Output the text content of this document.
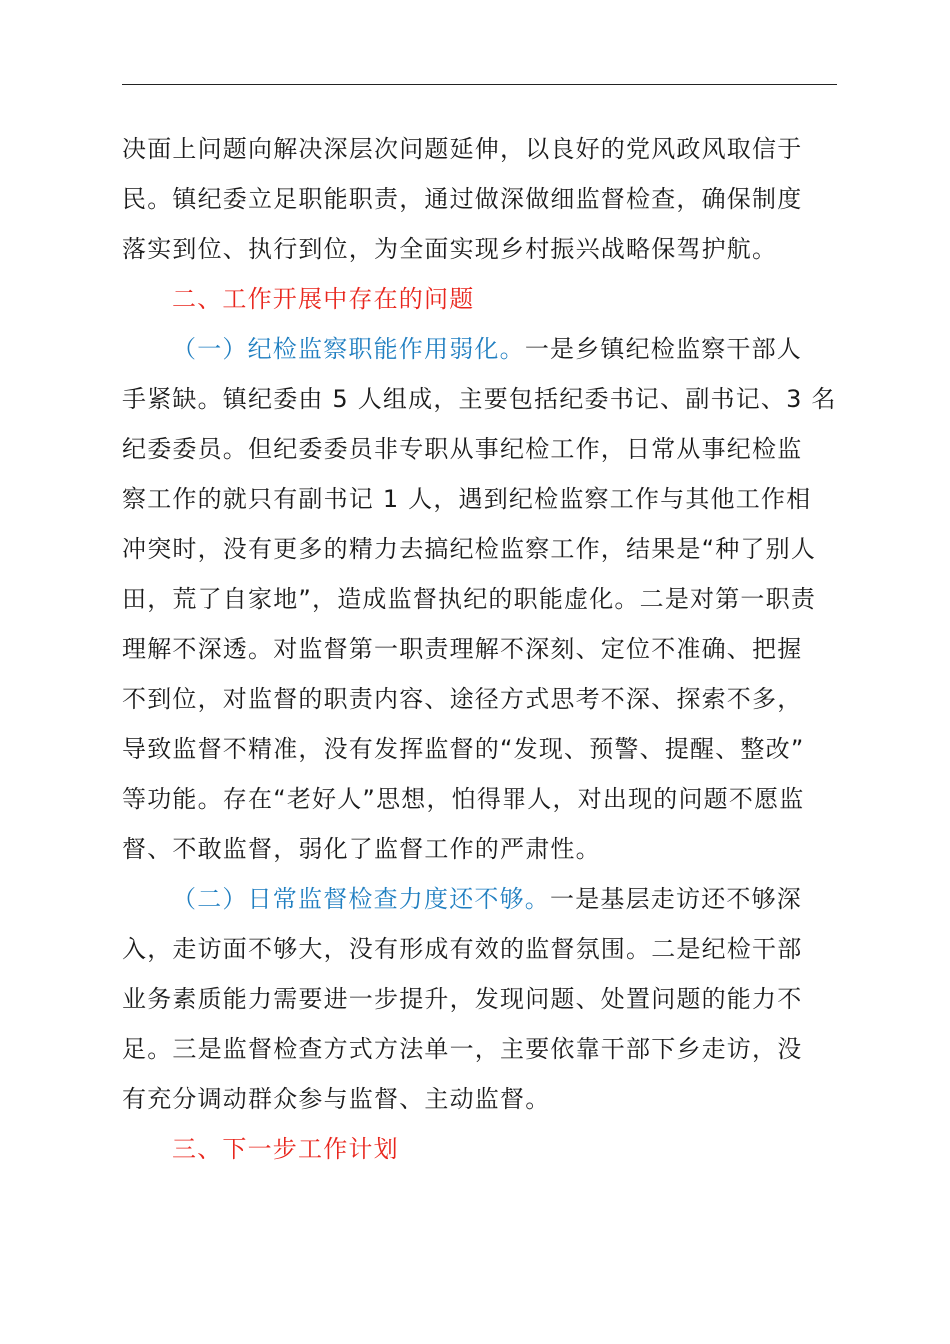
决面上问题向解决深层次问题延伸，以良好的党风政风取信于
民。镇纪委立足职能职责，通过做深做细监督检查，确保制度
落实到位、执行到位，为全面实现乡村振兴战略保驾护航。

二、工作开展中存在的问题

（一）纪检监察职能作用弱化。一是乡镇纪检监察干部人
手紧缺。镇纪委由 5 人组成，主要包括纪委书记、副书记、3 名
纪委委员。但纪委委员非专职从事纪检工作，日常从事纪检监
察工作的就只有副书记 1 人，遇到纪检监察工作与其他工作相
冲突时，没有更多的精力去搞纪检监察工作，结果是“种了别人
田，荒了自家地”，造成监督执纪的职能虚化。二是对第一职责
理解不深透。对监督第一职责理解不深刻、定位不准确、把握
不到位，对监督的职责内容、途径方式思考不深、探索不多，
导致监督不精准，没有发挥监督的“发现、预警、提醒、整改”
等功能。存在“老好人”思想，怕得罪人，对出现的问题不愿监
督、不敢监督，弱化了监督工作的严肃性。

（二）日常监督检查力度还不够。一是基层走访还不够深
入，走访面不够大，没有形成有效的监督氛围。二是纪检干部
业务素质能力需要进一步提升，发现问题、处置问题的能力不
足。三是监督检查方式方法单一，主要依靠干部下乡走访，没
有充分调动群众参与监督、主动监督。

三、下一步工作计划
